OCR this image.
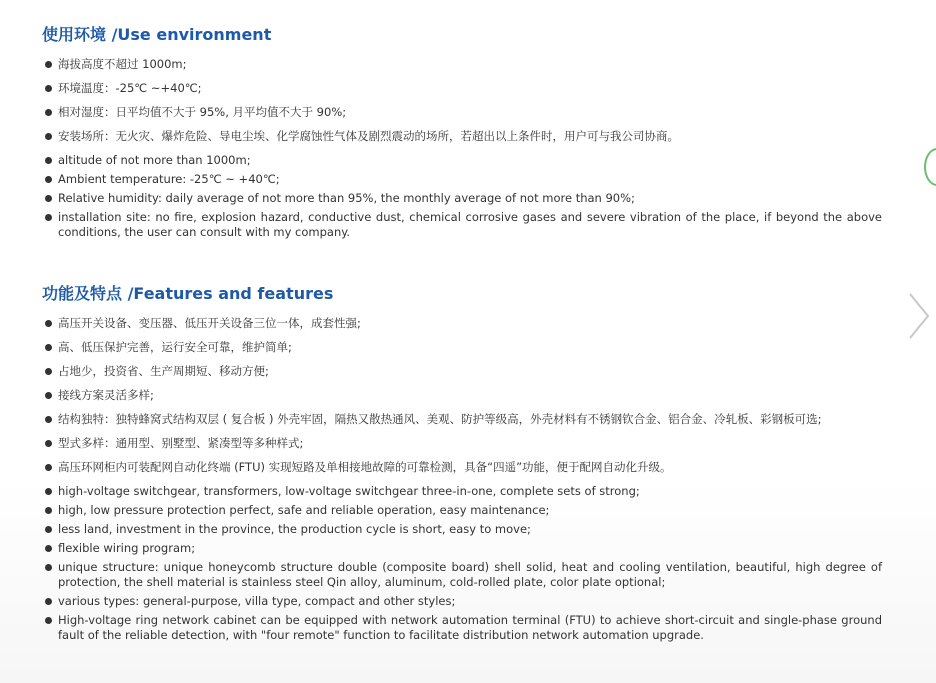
使用环境 /Use environment
海拔高度不超过 1000m;
环境温度：-25℃ ~+40℃;
相对湿度：日平均值不大于 95%, 月平均值不大于 90%;
安装场所：无火灾、爆炸危险、导电尘埃、化学腐蚀性气体及剧烈震动的场所，若超出以上条件时，用户可与我公司协商。
altitude of not more than 1000m;
Ambient temperature: -25℃ ~ +40℃;
Relative humidity: daily average of not more than 95%, the monthly average of not more than 90%;
installation site: no fire, explosion hazard, conductive dust, chemical corrosive gases and severe vibration of the place, if beyond the above conditions, the user can consult with my company.
功能及特点 /Features and features
高压开关设备、变压器、低压开关设备三位一体，成套性强;
高、低压保护完善，运行安全可靠，维护简单;
占地少，投资省、生产周期短、移动方便;
接线方案灵活多样;
结构独特：独特蜂窝式结构双层 ( 复合板 ) 外壳牢固，隔热又散热通风、美观、防护等级高，外壳材料有不锈钢钦合金、铝合金、冷轧板、彩钢板可选;
型式多样：通用型、别墅型、紧凑型等多种样式;
高压环网柜内可装配网自动化终端 (FTU) 实现短路及单相接地故障的可靠检测，具备“四遥”功能，便于配网自动化升级。
high-voltage switchgear, transformers, low-voltage switchgear three-in-one, complete sets of strong;
high, low pressure protection perfect, safe and reliable operation, easy maintenance;
less land, investment in the province, the production cycle is short, easy to move;
flexible wiring program;
unique structure: unique honeycomb structure double (composite board) shell solid, heat and cooling ventilation, beautiful, high degree of protection, the shell material is stainless steel Qin alloy, aluminum, cold-rolled plate, color plate optional;
various types: general-purpose, villa type, compact and other styles;
High-voltage ring network cabinet can be equipped with network automation terminal (FTU) to achieve short-circuit and single-phase ground fault of the reliable detection, with "four remote" function to facilitate distribution network automation upgrade.
